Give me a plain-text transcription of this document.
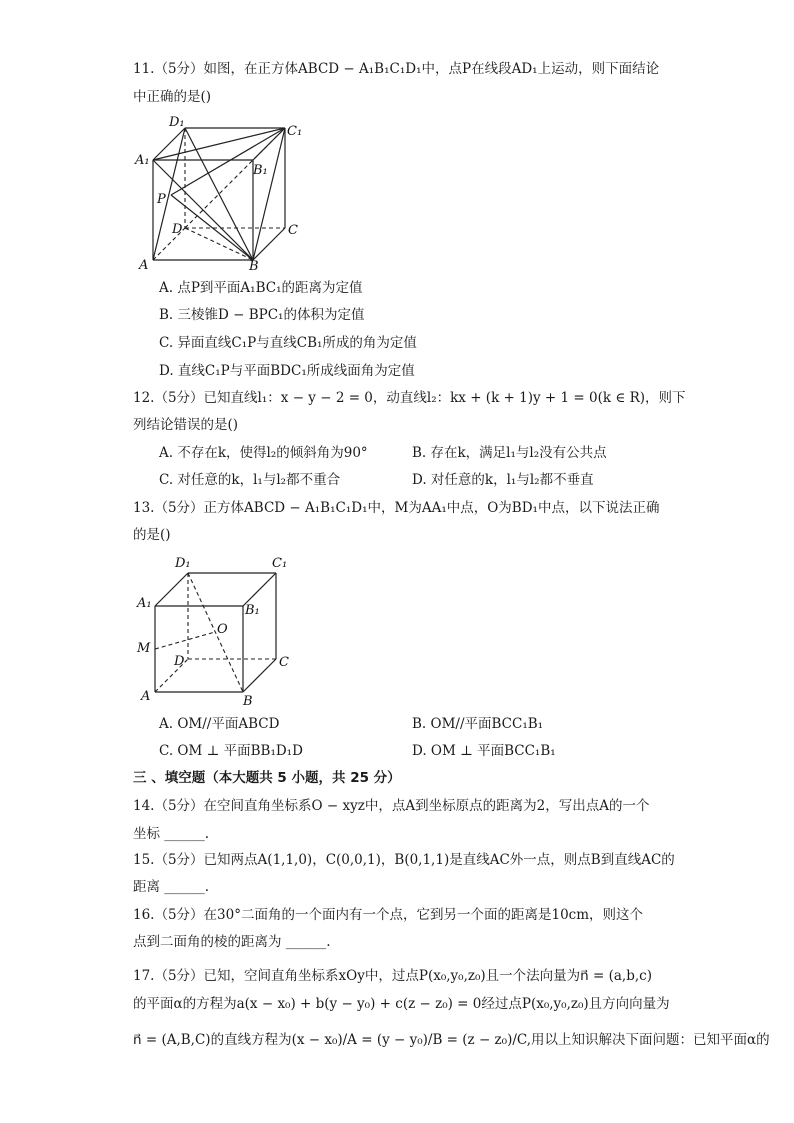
11.（5分）如图，在正方体ABCD − A₁B₁C₁D₁中，点P在线段AD₁上运动，则下面结论
中正确的是()
D₁
C₁
A₁
B₁
P
D	C
A	B
A. 点P到平面A₁BC₁的距离为定值
B. 三棱锥D − BPC₁的体积为定值
C. 异面直线C₁P与直线CB₁所成的角为定值
D. 直线C₁P与平面BDC₁所成线面角为定值
12.（5分）已知直线l₁：x − y − 2 = 0，动直线l₂：kx + (k + 1)y + 1 = 0(k ∈ R)，则下
列结论错误的是()
A. 不存在k，使得l₂的倾斜角为90°	B. 存在k，满足l₁与l₂没有公共点
C. 对任意的k，l₁与l₂都不重合	D. 对任意的k，l₁与l₂都不垂直
13.（5分）正方体ABCD − A₁B₁C₁D₁中，M为AA₁中点，O为BD₁中点，以下说法正确
的是()
D₁	C₁
A₁	B₁
O
M
D	C
A	B
A. OM//平面ABCD	B. OM//平面BCC₁B₁
C. OM ⊥ 平面BB₁D₁D	D. OM ⊥ 平面BCC₁B₁
三 、填空题（本大题共 5 小题，共 25 分）
14.（5分）在空间直角坐标系O − xyz中，点A到坐标原点的距离为2，写出点A的一个
坐标 ______.
15.（5分）已知两点A(1,1,0)，C(0,0,1)，B(0,1,1)是直线AC外一点，则点B到直线AC的
距离 ______.
16.（5分）在30°二面角的一个面内有一个点，它到另一个面的距离是10cm，则这个
点到二面角的棱的距离为 ______.
17.（5分）已知，空间直角坐标系xOy中，过点P(x₀,y₀,z₀)且一个法向量为n⃗ = (a,b,c)
的平面α的方程为a(x − x₀) + b(y − y₀) + c(z − z₀) = 0经过点P(x₀,y₀,z₀)且方向向量为
n⃗ = (A,B,C)的直线方程为(x − x₀)/A = (y − y₀)/B = (z − z₀)/C,用以上知识解决下面问题：已知平面α的
